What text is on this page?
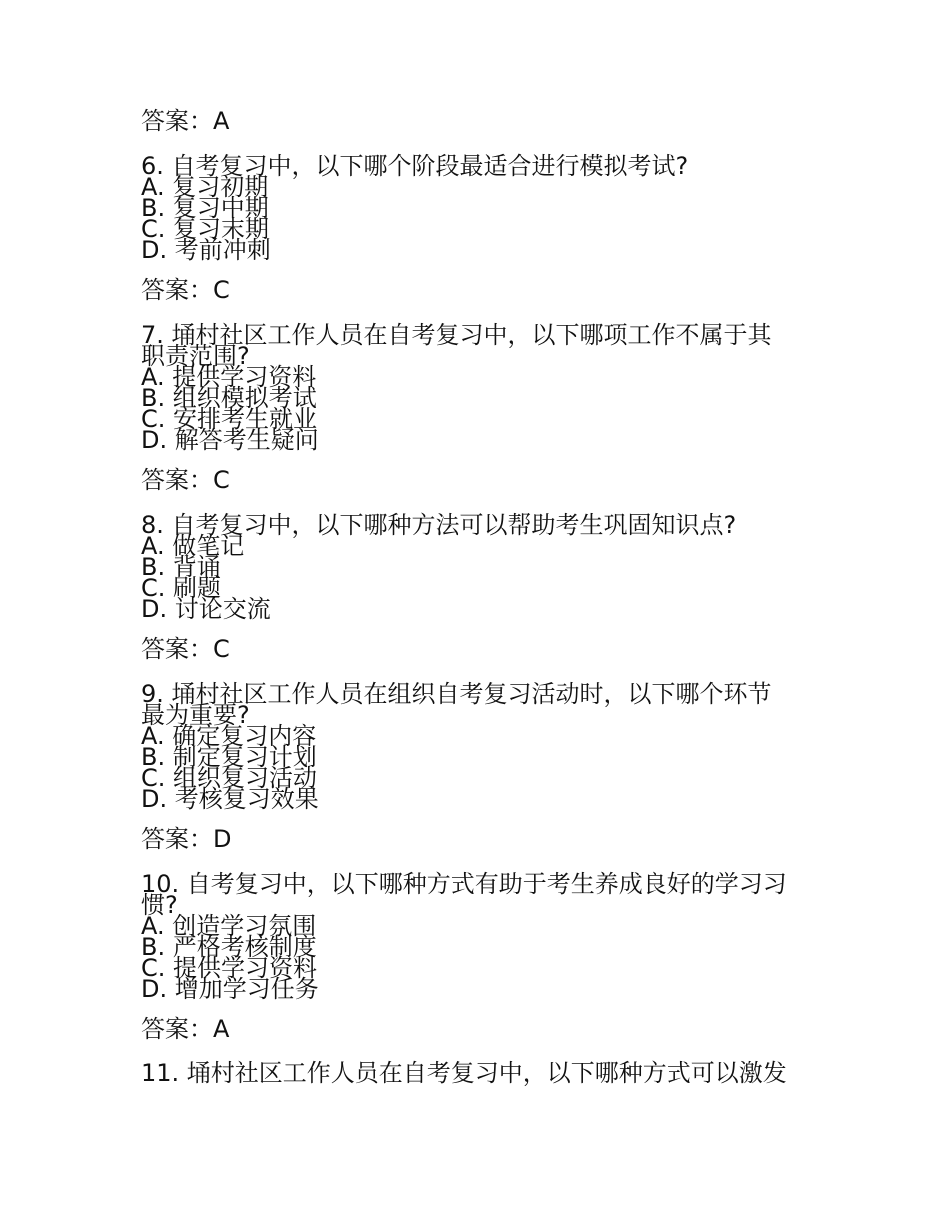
答案：A

6. 自考复习中，以下哪个阶段最适合进行模拟考试?

A. 复习初期

B. 复习中期

C. 复习末期

D. 考前冲刺

答案：C

7. 埇村社区工作人员在自考复习中，以下哪项工作不属于其
职责范围?

A. 提供学习资料

B. 组织模拟考试

C. 安排考生就业

D. 解答考生疑问

答案：C

8. 自考复习中，以下哪种方法可以帮助考生巩固知识点?

A. 做笔记

B. 背诵

C. 刷题

D. 讨论交流

答案：C

9. 埇村社区工作人员在组织自考复习活动时，以下哪个环节
最为重要?

A. 确定复习内容

B. 制定复习计划

C. 组织复习活动

D. 考核复习效果

答案：D

10. 自考复习中，以下哪种方式有助于考生养成良好的学习习
惯?

A. 创造学习氛围

B. 严格考核制度

C. 提供学习资料

D. 增加学习任务

答案：A

11. 埇村社区工作人员在自考复习中，以下哪种方式可以激发
